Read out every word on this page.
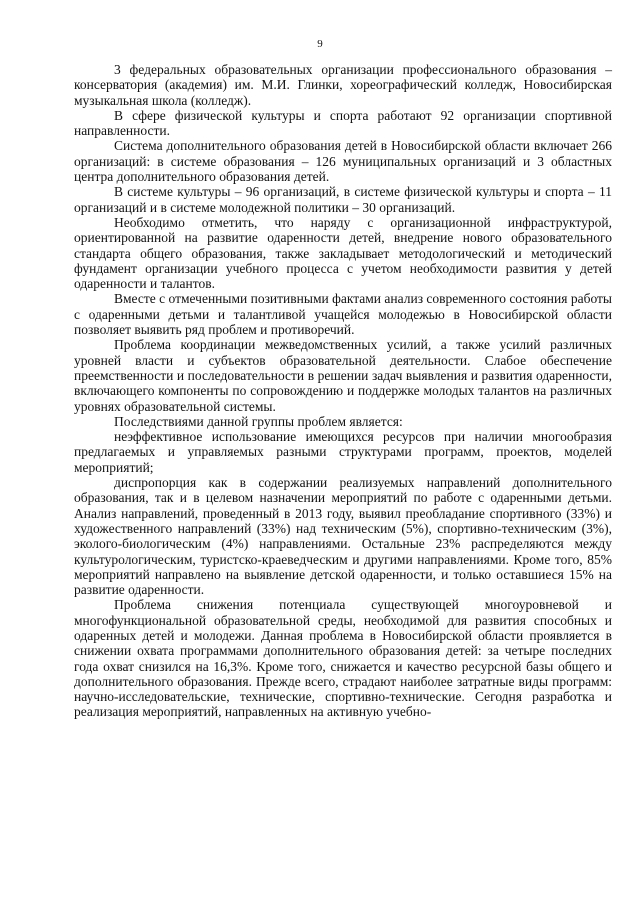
9

3 федеральных образовательных организации профессионального образования – консерватория (академия) им. М.И. Глинки, хореографический колледж, Новосибирская музыкальная школа (колледж).

В сфере физической культуры и спорта работают 92 организации спортивной направленности.

Система дополнительного образования детей в Новосибирской области включает 266 организаций: в системе образования – 126 муниципальных организаций и 3 областных центра дополнительного образования детей.

В системе культуры – 96 организаций, в системе физической культуры и спорта – 11 организаций и в системе молодежной политики – 30 организаций.

Необходимо отметить, что наряду с организационной инфраструктурой, ориентированной на развитие одаренности детей, внедрение нового образовательного стандарта общего образования, также закладывает методологический и методический фундамент организации учебного процесса с учетом необходимости развития у детей одаренности и талантов.

Вместе с отмеченными позитивными фактами анализ современного состояния работы с одаренными детьми и талантливой учащейся молодежью в Новосибирской области позволяет выявить ряд проблем и противоречий.

Проблема координации межведомственных усилий, а также усилий различных уровней власти и субъектов образовательной деятельности. Слабое обеспечение преемственности и последовательности в решении задач выявления и развития одаренности, включающего компоненты по сопровождению и поддержке молодых талантов на различных уровнях образовательной системы.

Последствиями данной группы проблем является:

неэффективное использование имеющихся ресурсов при наличии многообразия предлагаемых и управляемых разными структурами программ, проектов, моделей мероприятий;

диспропорция как в содержании реализуемых направлений дополнительного образования, так и в целевом назначении мероприятий по работе с одаренными детьми. Анализ направлений, проведенный в 2013 году, выявил преобладание спортивного (33%) и художественного направлений (33%) над техническим (5%), спортивно-техническим (3%), эколого-биологическим (4%) направлениями. Остальные 23% распределяются между культурологическим, туристско-краеведческим и другими направлениями. Кроме того, 85% мероприятий направлено на выявление детской одаренности, и только оставшиеся 15% на развитие одаренности.

Проблема снижения потенциала существующей многоуровневой и многофункциональной образовательной среды, необходимой для развития способных и одаренных детей и молодежи. Данная проблема в Новосибирской области проявляется в снижении охвата программами дополнительного образования детей: за четыре последних года охват снизился на 16,3%. Кроме того, снижается и качество ресурсной базы общего и дополнительного образования. Прежде всего, страдают наиболее затратные виды программ: научно-исследовательские, технические, спортивно-технические. Сегодня разработка и реализация мероприятий, направленных на активную учебно-
